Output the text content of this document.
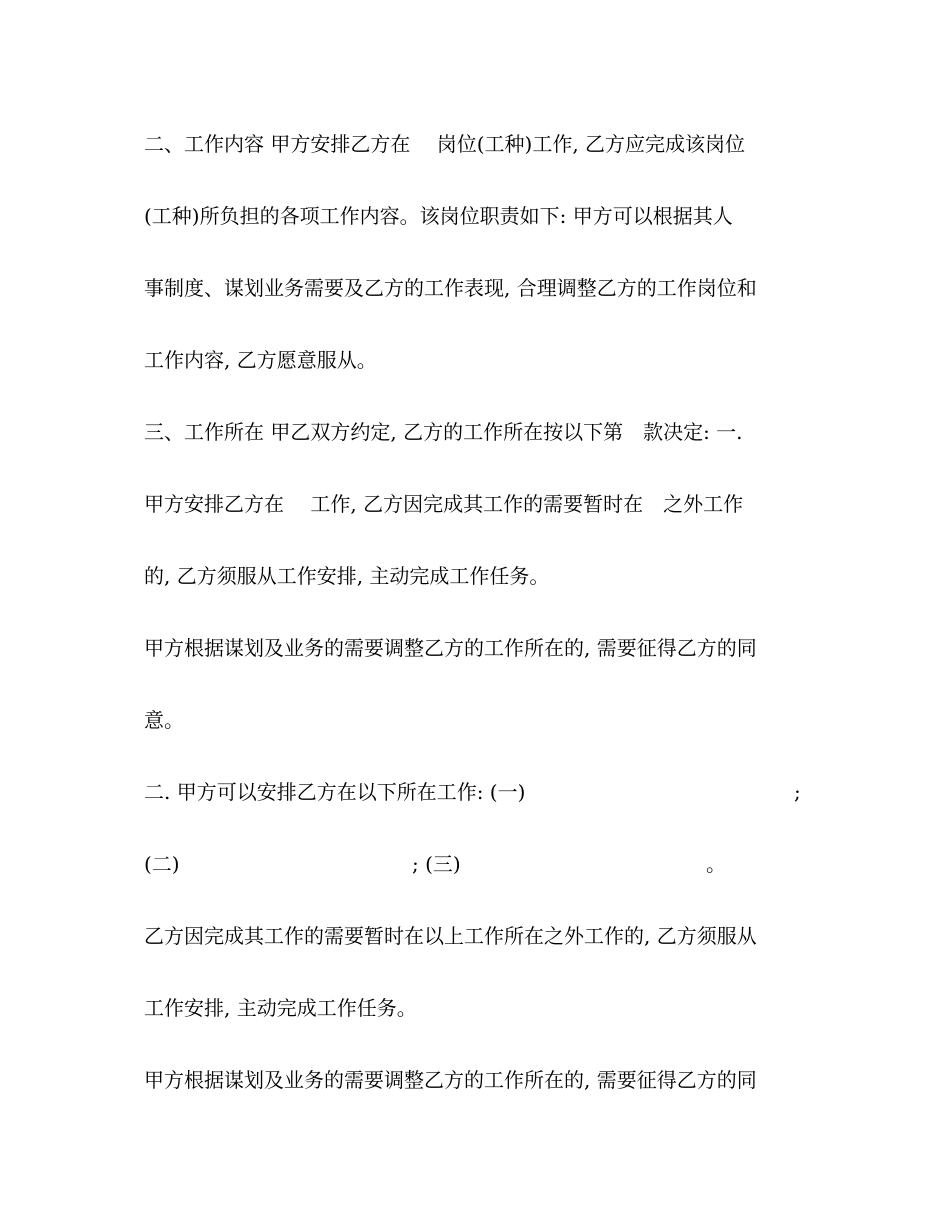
二、工作内容 甲方安排乙方在　 岗位(工种)工作, 乙方应完成该岗位
(工种)所负担的各项工作内容。该岗位职责如下: 甲方可以根据其人
事制度、谋划业务需要及乙方的工作表现, 合理调整乙方的工作岗位和
工作内容, 乙方愿意服从。
三、工作所在 甲乙双方约定, 乙方的工作所在按以下第　款决定: 一.
甲方安排乙方在　 工作, 乙方因完成其工作的需要暂时在　之外工作
的, 乙方须服从工作安排, 主动完成工作任务。
甲方根据谋划及业务的需要调整乙方的工作所在的, 需要征得乙方的同
意。

二. 甲方可以安排乙方在以下所在工作: (一)

	;

(二)

	; (三)

	。

乙方因完成其工作的需要暂时在以上工作所在之外工作的, 乙方须服从
工作安排, 主动完成工作任务。
甲方根据谋划及业务的需要调整乙方的工作所在的, 需要征得乙方的同
